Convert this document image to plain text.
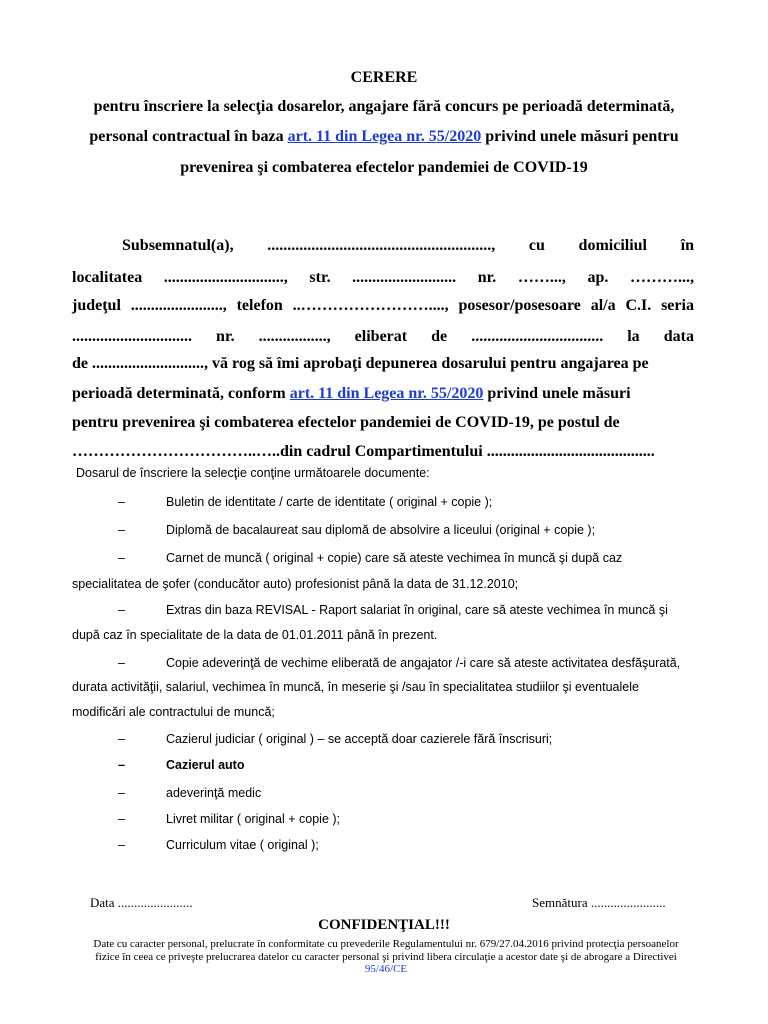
CERERE
pentru înscriere la selecţia dosarelor, angajare fără concurs pe perioadă determinată,
personal contractual în baza art. 11 din Legea nr. 55/2020 privind unele măsuri pentru
prevenirea şi combaterea efectelor pandemiei de COVID-19
Subsemnatul(a), ........................................................, cu domiciliul în
localitatea .............................., str. .......................... nr. ……..., ap. ………...,
judeţul ......................., telefon ..……………………...., posesor/posesoare al/a C.I. seria
.............................. nr. ................., eliberat de ................................. la data
de ............................, vă rog să îmi aprobaţi depunerea dosarului pentru angajarea pe
perioadă determinată, conform art. 11 din Legea nr. 55/2020 privind unele măsuri
pentru prevenirea şi combaterea efectelor pandemiei de COVID-19, pe postul de
……………………………..…..din cadrul Compartimentului ..........................................
Dosarul de înscriere la selecţie conţine următoarele documente:
–	Buletin de identitate / carte de identitate ( original + copie );
–	Diplomă de bacalaureat sau diplomă de absolvire a liceului (original + copie );
–	Carnet de muncă ( original + copie) care să ateste vechimea în muncă şi după caz
specialitatea de şofer (conducător auto) profesionist până la data de 31.12.2010;
–	Extras din baza REVISAL - Raport salariat în original, care să ateste vechimea în muncă şi
după caz în specialitate de la data de 01.01.2011 până în prezent.
–	Copie adeverinţă de vechime eliberată de angajator /-i care să ateste activitatea desfăşurată,
durata activităţii, salariul, vechimea în muncă, în meserie şi /sau în specialitatea studiilor şi eventualele
modificări ale contractului de muncă;
–	Cazierul judiciar ( original ) – se acceptă doar cazierele fără înscrisuri;
–	Cazierul auto
–	adeverinţă medic
–	Livret militar ( original + copie );
–	Curriculum vitae ( original );
Data .......................	Semnătura .......................
CONFIDENŢIAL!!!
Date cu caracter personal, prelucrate în conformitate cu prevederile Regulamentului nr. 679/27.04.2016 privind protecţia persoanelor fizice în ceea ce priveşte prelucrarea datelor cu caracter personal şi privind libera circulaţie a acestor date şi de abrogare a Directivei 95/46/CE
